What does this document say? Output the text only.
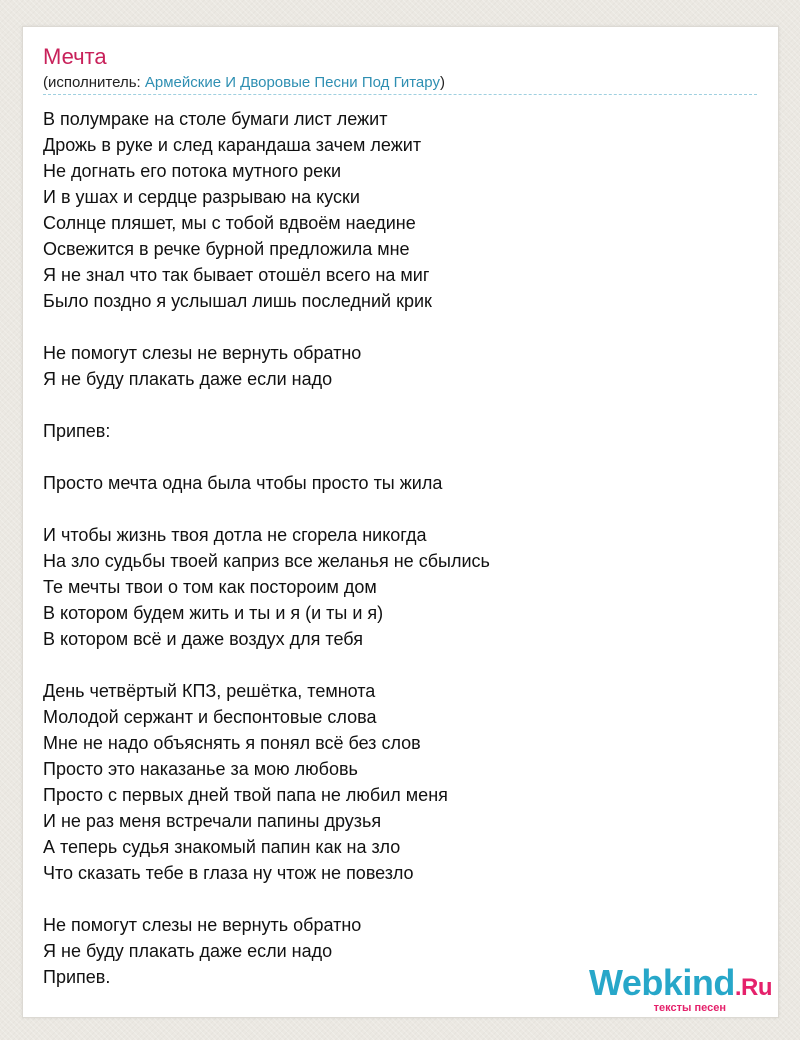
Мечта
(исполнитель: Армейские И Дворовые Песни Под Гитару)
В полумраке на столе бумаги лист лежит
Дрожь в руке и след карандаша зачем лежит
Не догнать его потока мутного реки
И в ушах и сердце разрываю на куски
Солнце пляшет, мы с тобой вдвоём наедине
Освежится в речке бурной предложила мне
Я не знал что так бывает отошёл всего на миг
Было поздно я услышал лишь последний крик
Не помогут слезы не вернуть обратно
Я не буду плакать даже если надо
Припев:
Просто мечта одна была чтобы просто ты жила
И чтобы жизнь твоя дотла не сгорела никогда
На зло судьбы твоей каприз все желанья не сбылись
Те мечты твои о том как постороим дом
В котором будем жить и ты и я (и ты и я)
В котором всё и даже воздух для тебя
День четвёртый КПЗ, решётка, темнота
Молодой сержант и беспонтовые слова
Мне не надо объяснять я понял всё без слов
Просто это наказанье за мою любовь
Просто с первых дней твой папа не любил меня
И не раз меня встречали папины друзья
А теперь судья знакомый папин как на зло
Что сказать тебе в глаза ну чтож не повезло
Не помогут слезы не вернуть обратно
Я не буду плакать даже если надо
Припев.	Webkind.Ru
тексты песен
